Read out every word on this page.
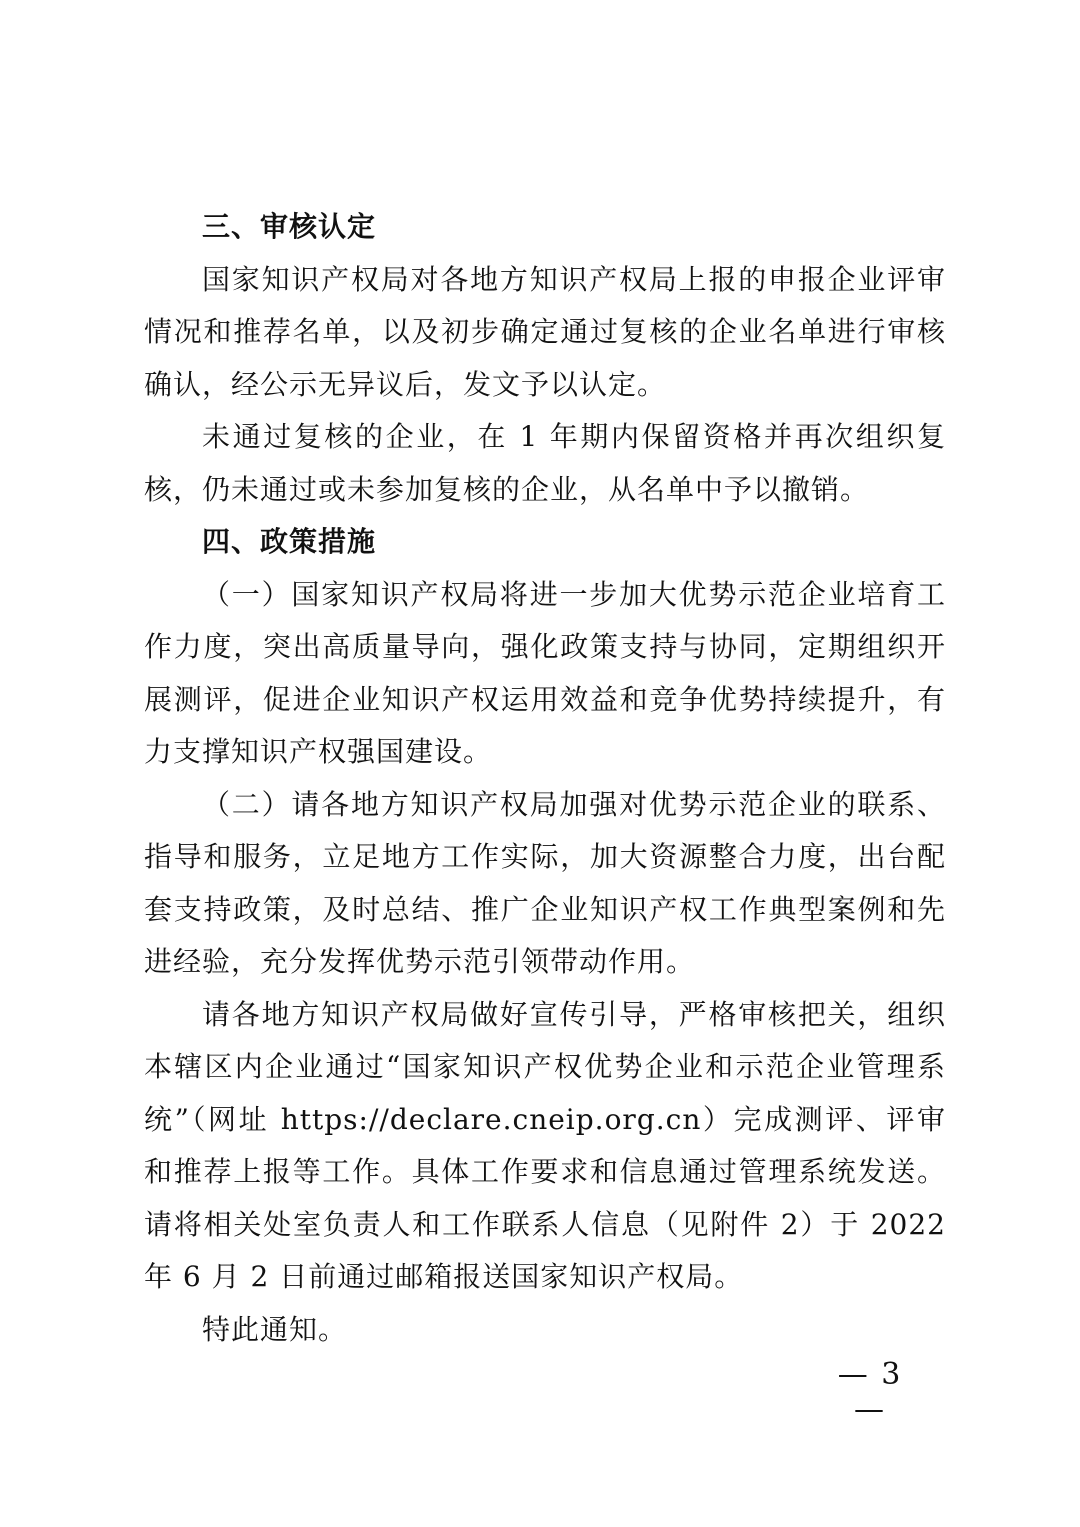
三、审核认定

国家知识产权局对各地方知识产权局上报的申报企业评审情况和推荐名单，以及初步确定通过复核的企业名单进行审核确认，经公示无异议后，发文予以认定。

未通过复核的企业，在 1 年期内保留资格并再次组织复核，仍未通过或未参加复核的企业，从名单中予以撤销。

四、政策措施

（一）国家知识产权局将进一步加大优势示范企业培育工作力度，突出高质量导向，强化政策支持与协同，定期组织开展测评，促进企业知识产权运用效益和竞争优势持续提升，有力支撑知识产权强国建设。

（二）请各地方知识产权局加强对优势示范企业的联系、指导和服务，立足地方工作实际，加大资源整合力度，出台配套支持政策，及时总结、推广企业知识产权工作典型案例和先进经验，充分发挥优势示范引领带动作用。

请各地方知识产权局做好宣传引导，严格审核把关，组织本辖区内企业通过“国家知识产权优势企业和示范企业管理系统”（网址 https://declare.cneip.org.cn）完成测评、评审和推荐上报等工作。具体工作要求和信息通过管理系统发送。请将相关处室负责人和工作联系人信息（见附件 2）于 2022 年 6 月 2 日前通过邮箱报送国家知识产权局。

特此通知。

— 3 —
